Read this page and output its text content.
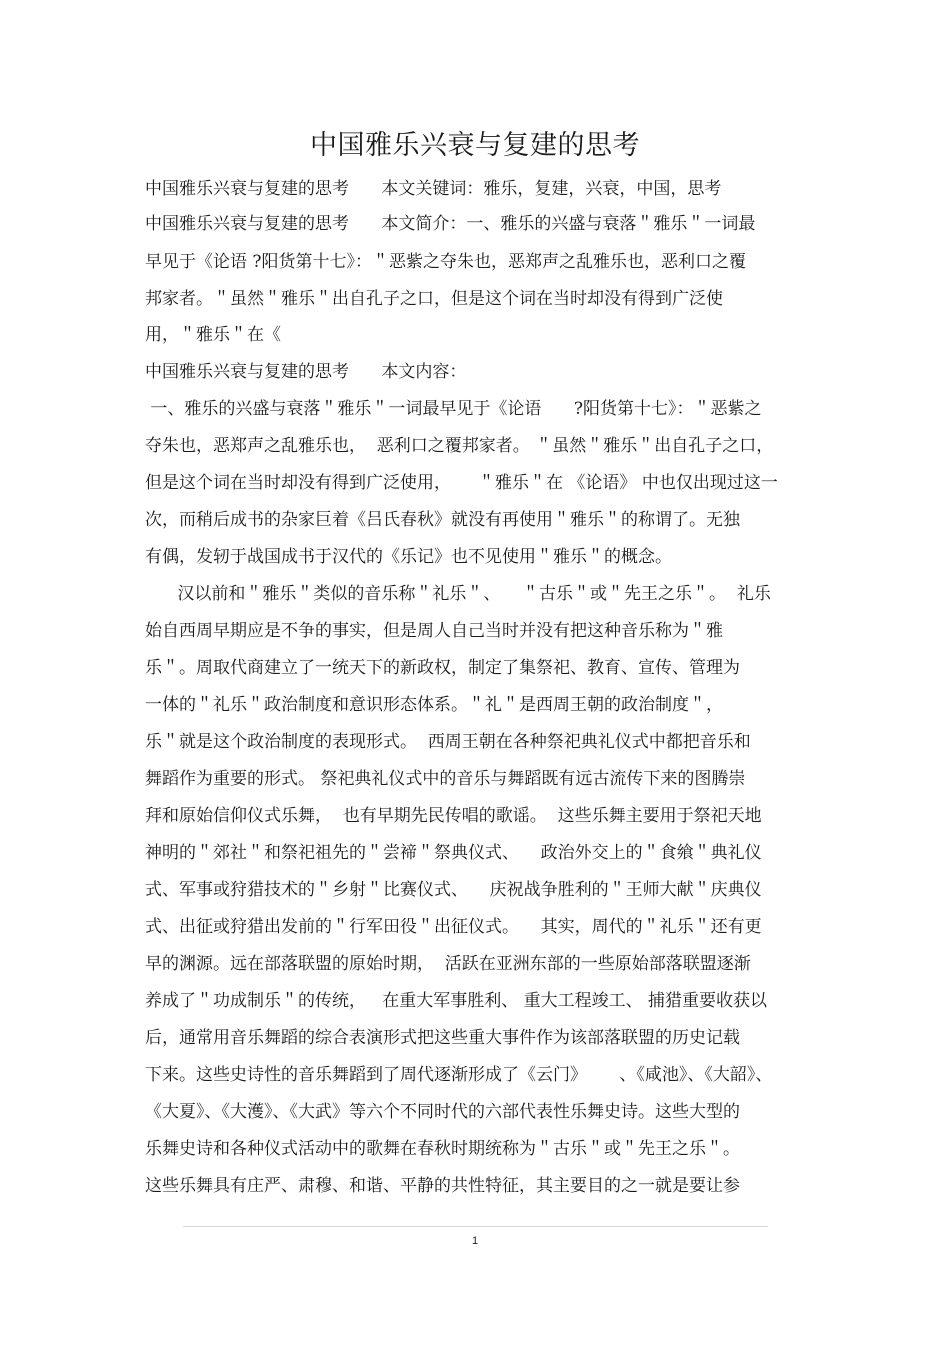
中国雅乐兴衰与复建的思考
中国雅乐兴衰与复建的思考      本文关键词：雅乐，复建，兴衰，中国，思考
中国雅乐兴衰与复建的思考      本文简介：一、雅乐的兴盛与衰落＂雅乐＂一词最
早见于《论语 ?阳货第十七》：＂恶紫之夺朱也，恶郑声之乱雅乐也，恶利口之覆
邦家者。＂虽然＂雅乐＂出自孔子之口，但是这个词在当时却没有得到广泛使
用，＂雅乐＂在《
中国雅乐兴衰与复建的思考      本文内容：
一、雅乐的兴盛与衰落＂雅乐＂一词最早见于《论语      ?阳货第十七》：＂恶紫之
夺朱也，恶郑声之乱雅乐也，  恶利口之覆邦家者。 ＂虽然＂雅乐＂出自孔子之口，
但是这个词在当时却没有得到广泛使用，     ＂雅乐＂在 《论语》 中也仅出现过这一
次，而稍后成书的杂家巨着《吕氏春秋》就没有再使用＂雅乐＂的称谓了。无独
有偶，发轫于战国成书于汉代的《乐记》也不见使用＂雅乐＂的概念。
汉以前和＂雅乐＂类似的音乐称＂礼乐＂、    ＂古乐＂或＂先王之乐＂。  礼乐
始自西周早期应是不争的事实，但是周人自己当时并没有把这种音乐称为＂雅
乐＂。周取代商建立了一统天下的新政权，制定了集祭祀、教育、宣传、管理为
一体的＂礼乐＂政治制度和意识形态体系。＂礼＂是西周王朝的政治制度＂，
乐＂就是这个政治制度的表现形式。  西周王朝在各种祭祀典礼仪式中都把音乐和
舞蹈作为重要的形式。 祭祀典礼仪式中的音乐与舞蹈既有远古流传下来的图腾崇
拜和原始信仰仪式乐舞，  也有早期先民传唱的歌谣。  这些乐舞主要用于祭祀天地
神明的＂郊社＂和祭祀祖先的＂尝褅＂祭典仪式、    政治外交上的＂食飨＂典礼仪
式、军事或狩猎技术的＂乡射＂比赛仪式、    庆祝战争胜利的＂王师大献＂庆典仪
式、出征或狩猎出发前的＂行军田役＂出征仪式。    其实，周代的＂礼乐＂还有更
早的渊源。远在部落联盟的原始时期，  活跃在亚洲东部的一些原始部落联盟逐渐
养成了＂功成制乐＂的传统，   在重大军事胜利、 重大工程竣工、 捕猎重要收获以
后，通常用音乐舞蹈的综合表演形式把这些重大事件作为该部落联盟的历史记载
下来。这些史诗性的音乐舞蹈到了周代逐渐形成了《云门》      、《咸池》、《大韶》、
《大夏》、《大濩》、《大武》等六个不同时代的六部代表性乐舞史诗。这些大型的
乐舞史诗和各种仪式活动中的歌舞在春秋时期统称为＂古乐＂或＂先王之乐＂。
这些乐舞具有庄严、肃穆、和谐、平静的共性特征，其主要目的之一就是要让参
1
